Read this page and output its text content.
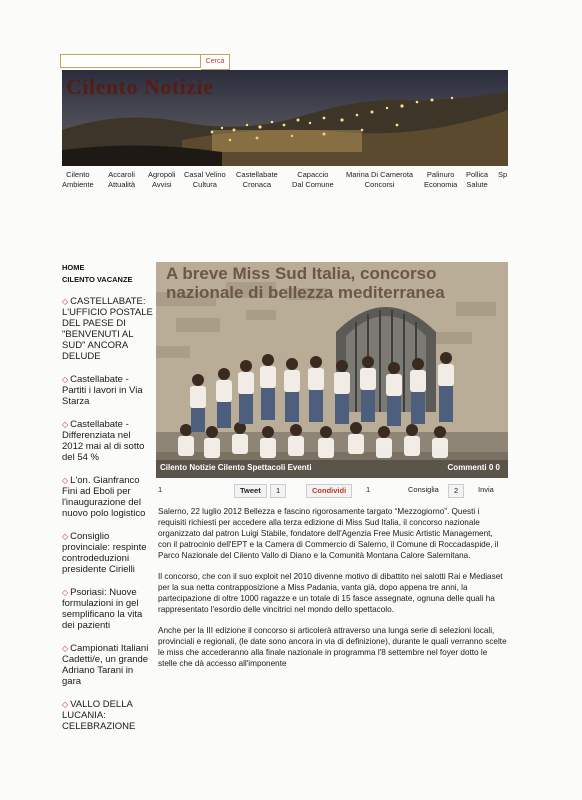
Cerca
Cilento Notizie
Cilento
Ambiente
Accaroli
Attualità
Agropoli
Avvisi
Casal Velino
Cultura
Castellabate
Cronaca
Capaccio
Dal Comune
Marina Di Camerota
Concorsi
Palinuro
Economia
Pollica
Salute
Sp
HOME
CILENTO VACANZE
◇ CASTELLABATE: L'UFFICIO POSTALE DEL PAESE DI "BENVENUTI AL SUD" ANCORA DELUDE
◇ Castellabate - Partiti i lavori in Via Starza
◇ Castellabate - Differenziata nel 2012 mai al di sotto del 54 %
◇ L'on. Gianfranco Fini ad Eboli per l'inaugurazione del nuovo polo logistico
◇ Consiglio provinciale: respinte controdeduzioni presidente Cirielli
◇ Psoriasi: Nuove formulazioni in gel semplificano la vita dei pazienti
◇ Campionati Italiani Cadetti/e, un grande Adriano Tarani in gara
◇ VALLO DELLA LUCANIA: CELEBRAZIONE
A breve Miss Sud Italia, concorso nazionale di bellezza mediterranea
Cilento Notizie Cilento Spettacoli Eventi	Commenti 0 0
1	Tweet	1	Condividi	1	Consiglia	2	Invia

Salerno, 22 luglio 2012 Bellezza e fascino rigorosamente targato “Mezzogiorno”. Questi i requisiti richiesti per accedere alla terza edizione di Miss Sud Italia, il concorso nazionale organizzato dal patron Luigi Stabile, fondatore dell'Agenzia Free Music Artistic Management, con il patrocinio dell'EPT e la Camera di Commercio di Salerno, il Comune di Roccadaspide, il Parco Nazionale del Cilento Vallo di Diano e la Comunità Montana Calore Salernitana.

Il concorso, che con il suo exploit nel 2010 divenne motivo di dibattito nei salotti Rai e Mediaset per la sua netta contrapposizione a Miss Padania, vanta già, dopo appena tre anni, la partecipazione di oltre 1000 ragazze e un totale di 15 fasce assegnate, ognuna delle quali ha rappresentato l'esordio delle vincitrici nel mondo dello spettacolo.

Anche per la III edizione il concorso si articolerà attraverso una lunga serie di selezioni locali, provinciali e regionali, (le date sono ancora in via di definizione), durante le quali verranno scelte le miss che accederanno alla finale nazionale in programma l'8 settembre nel foyer dotto le stelle che dà accesso all'imponente
